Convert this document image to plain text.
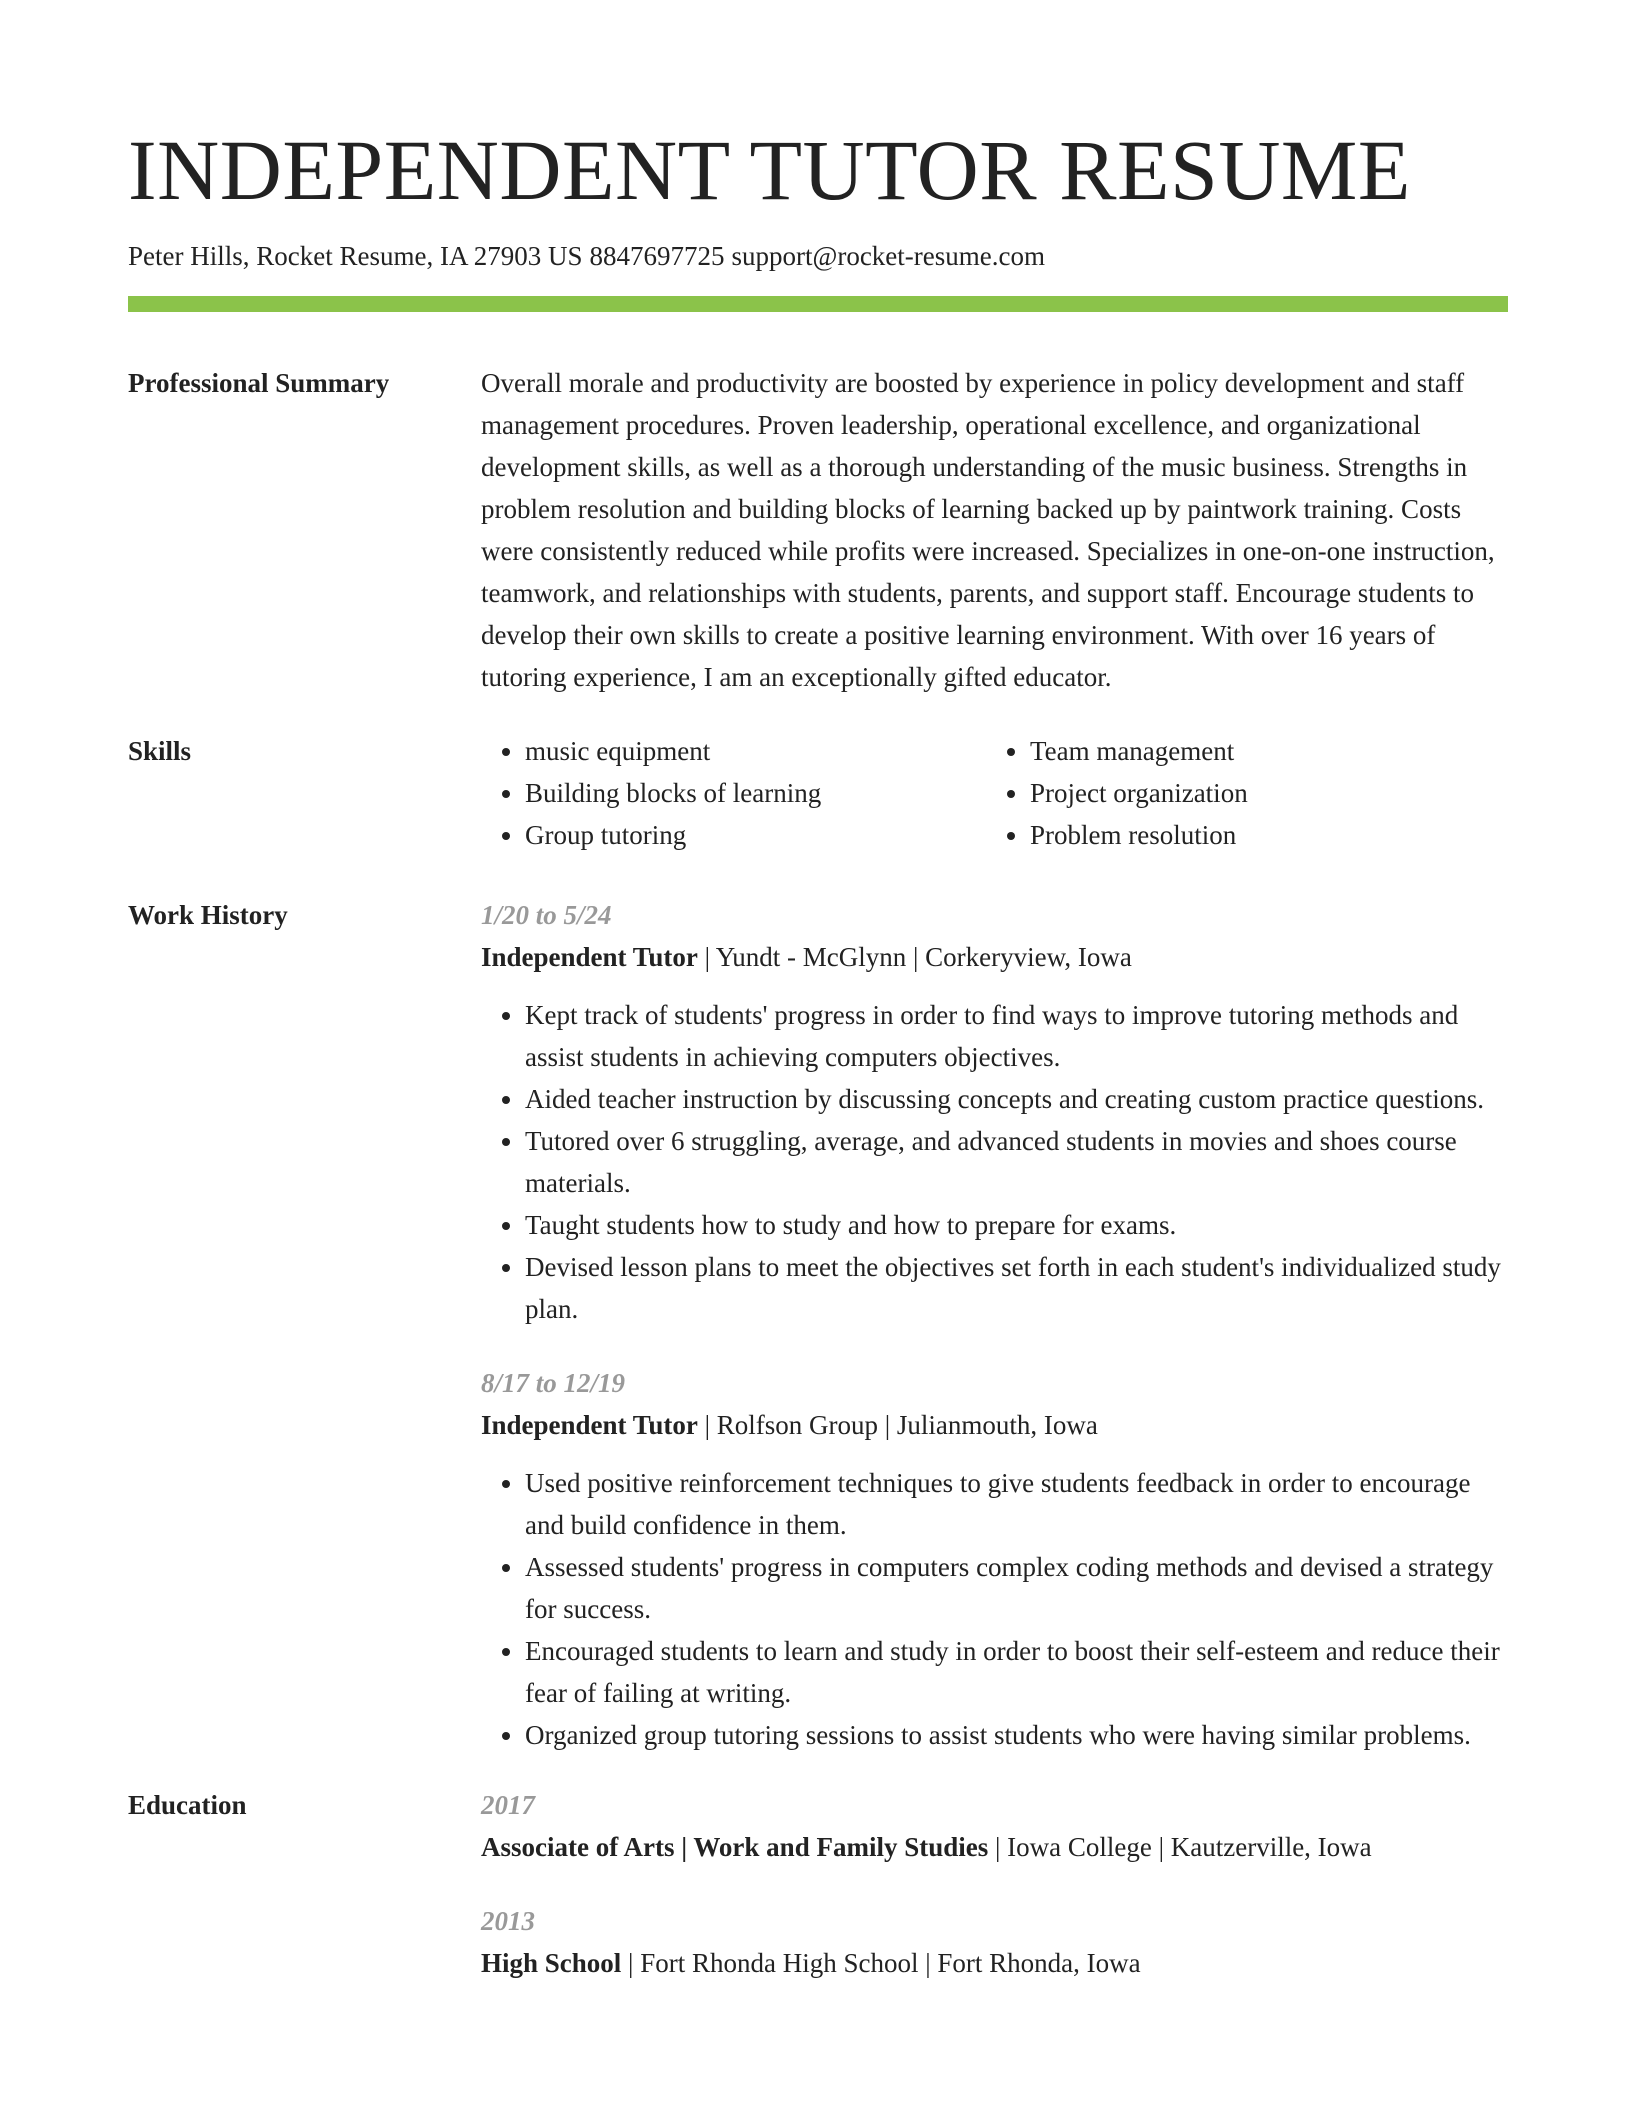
INDEPENDENT TUTOR RESUME
Peter Hills, Rocket Resume, IA 27903 US 8847697725 support@rocket-resume.com
Professional Summary	Overall morale and productivity are boosted by experience in policy development and staff management procedures. Proven leadership, operational excellence, and organizational development skills, as well as a thorough understanding of the music business. Strengths in problem resolution and building blocks of learning backed up by paintwork training. Costs were consistently reduced while profits were increased. Specializes in one-on-one instruction, teamwork, and relationships with students, parents, and support staff. Encourage students to develop their own skills to create a positive learning environment. With over 16 years of tutoring experience, I am an exceptionally gifted educator.

Skills
•	music equipment
• Building blocks of learning
• Group tutoring
• Team management
• Project organization
• Problem resolution
Work History	1/20 to 5/24
Independent Tutor | Yundt - McGlynn | Corkeryview, Iowa
• Kept track of students' progress in order to find ways to improve tutoring methods and assist students in achieving computers objectives.
• Aided teacher instruction by discussing concepts and creating custom practice questions.
• Tutored over 6 struggling, average, and advanced students in movies and shoes course materials.
• Taught students how to study and how to prepare for exams.
• Devised lesson plans to meet the objectives set forth in each student's individualized study plan.
8/17 to 12/19
Independent Tutor | Rolfson Group | Julianmouth, Iowa
• Used positive reinforcement techniques to give students feedback in order to encourage and build confidence in them.
• Assessed students' progress in computers complex coding methods and devised a strategy for success.
• Encouraged students to learn and study in order to boost their self-esteem and reduce their fear of failing at writing.
• Organized group tutoring sessions to assist students who were having similar problems.
Education	2017
Associate of Arts | Work and Family Studies | Iowa College | Kautzerville, Iowa
2013
High School | Fort Rhonda High School | Fort Rhonda, Iowa
